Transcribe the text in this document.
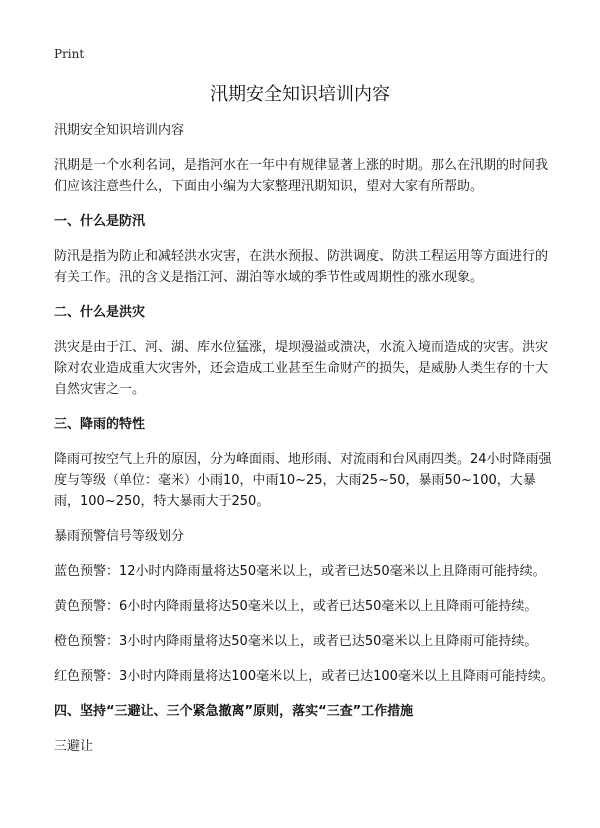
Print
汛期安全知识培训内容

汛期安全知识培训内容

汛期是一个水利名词，是指河水在一年中有规律显著上涨的时期。那么在汛期的时间我们应该注意些什么，下面由小编为大家整理汛期知识，望对大家有所帮助。

一、什么是防汛

防汛是指为防止和减轻洪水灾害，在洪水预报、防洪调度、防洪工程运用等方面进行的有关工作。汛的含义是指江河、湖泊等水域的季节性或周期性的涨水现象。

二、什么是洪灾

洪灾是由于江、河、湖、库水位猛涨，堤坝漫溢或溃决，水流入境而造成的灾害。洪灾除对农业造成重大灾害外，还会造成工业甚至生命财产的损失，是威胁人类生存的十大自然灾害之一。

三、降雨的特性

降雨可按空气上升的原因，分为峰面雨、地形雨、对流雨和台风雨四类。24小时降雨强度与等级（单位：毫米）小雨10，中雨10~25，大雨25~50，暴雨50~100，大暴雨，100~250，特大暴雨大于250。

暴雨预警信号等级划分

蓝色预警：12小时内降雨量将达50毫米以上，或者已达50毫米以上且降雨可能持续。

黄色预警：6小时内降雨量将达50毫米以上，或者已达50毫米以上且降雨可能持续。

橙色预警：3小时内降雨量将达50毫米以上，或者已达50毫米以上且降雨可能持续。

红色预警：3小时内降雨量将达100毫米以上，或者已达100毫米以上且降雨可能持续。

四、坚持“三避让、三个紧急撤离”原则，落实“三查”工作措施

三避让
